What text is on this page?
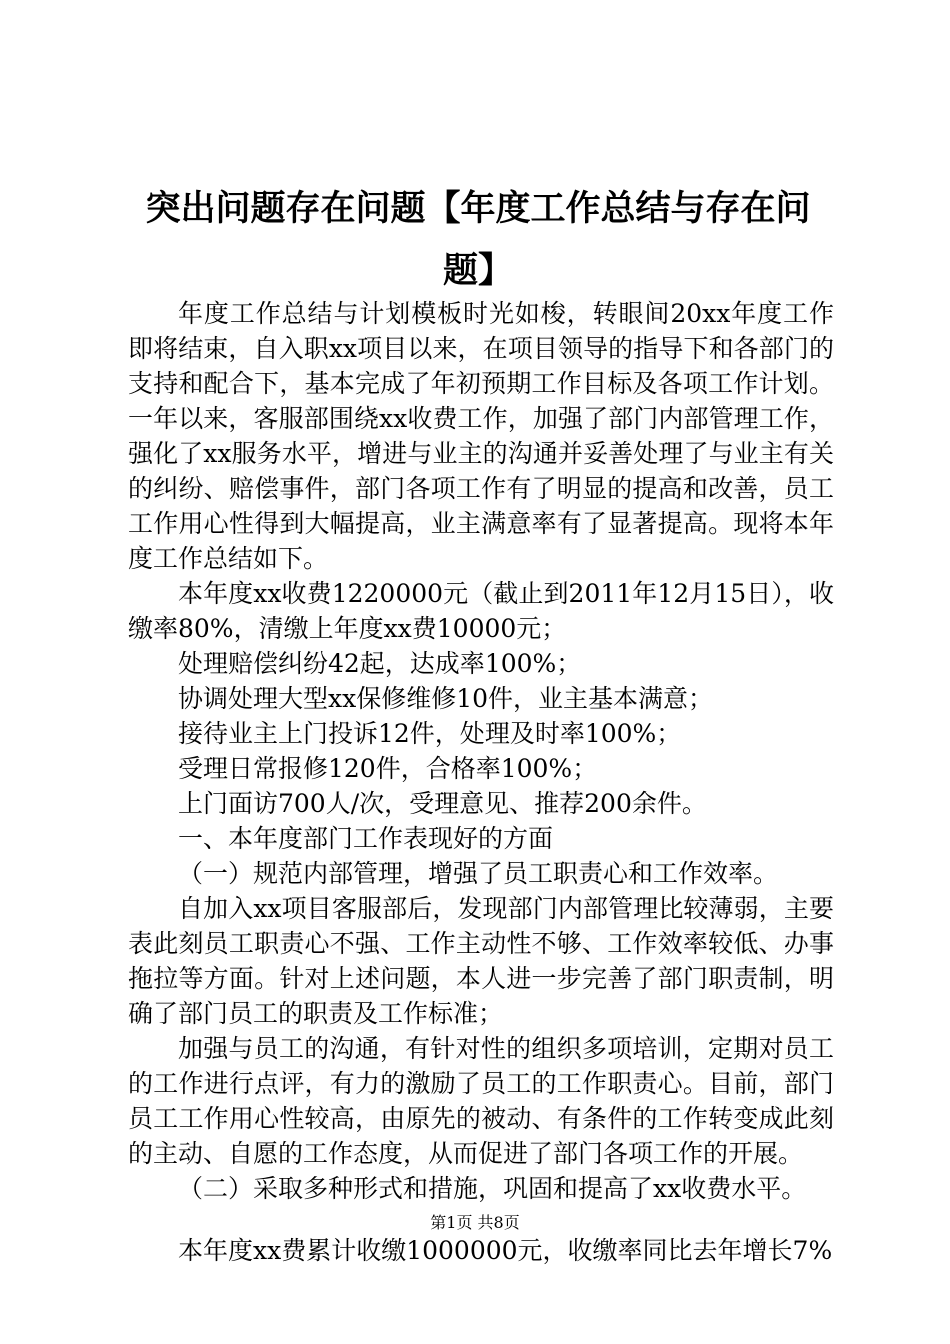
突出问题存在问题【年度工作总结与存在问题】

年度工作总结与计划模板时光如梭，转眼间20xx年度工作即将结束，自入职xx项目以来，在项目领导的指导下和各部门的支持和配合下，基本完成了年初预期工作目标及各项工作计划。一年以来，客服部围绕xx收费工作，加强了部门内部管理工作，强化了xx服务水平，增进与业主的沟通并妥善处理了与业主有关的纠纷、赔偿事件，部门各项工作有了明显的提高和改善，员工工作用心性得到大幅提高，业主满意率有了显著提高。现将本年度工作总结如下。

本年度xx收费1220000元（截止到2011年12月15日），收缴率80%，清缴上年度xx费10000元；

处理赔偿纠纷42起，达成率100%；

协调处理大型xx保修维修10件，业主基本满意；

接待业主上门投诉12件，处理及时率100%；

受理日常报修120件，合格率100%；

上门面访700人/次，受理意见、推荐200余件。

一、本年度部门工作表现好的方面

（一）规范内部管理，增强了员工职责心和工作效率。

自加入xx项目客服部后，发现部门内部管理比较薄弱，主要表此刻员工职责心不强、工作主动性不够、工作效率较低、办事拖拉等方面。针对上述问题，本人进一步完善了部门职责制，明确了部门员工的职责及工作标准；

加强与员工的沟通，有针对性的组织多项培训，定期对员工的工作进行点评，有力的激励了员工的工作职责心。目前，部门员工工作用心性较高，由原先的被动、有条件的工作转变成此刻的主动、自愿的工作态度，从而促进了部门各项工作的开展。

（二）采取多种形式和措施，巩固和提高了xx收费水平。

本年度xx费累计收缴1000000元，收缴率同比去年增长7%

第1页 共8页
